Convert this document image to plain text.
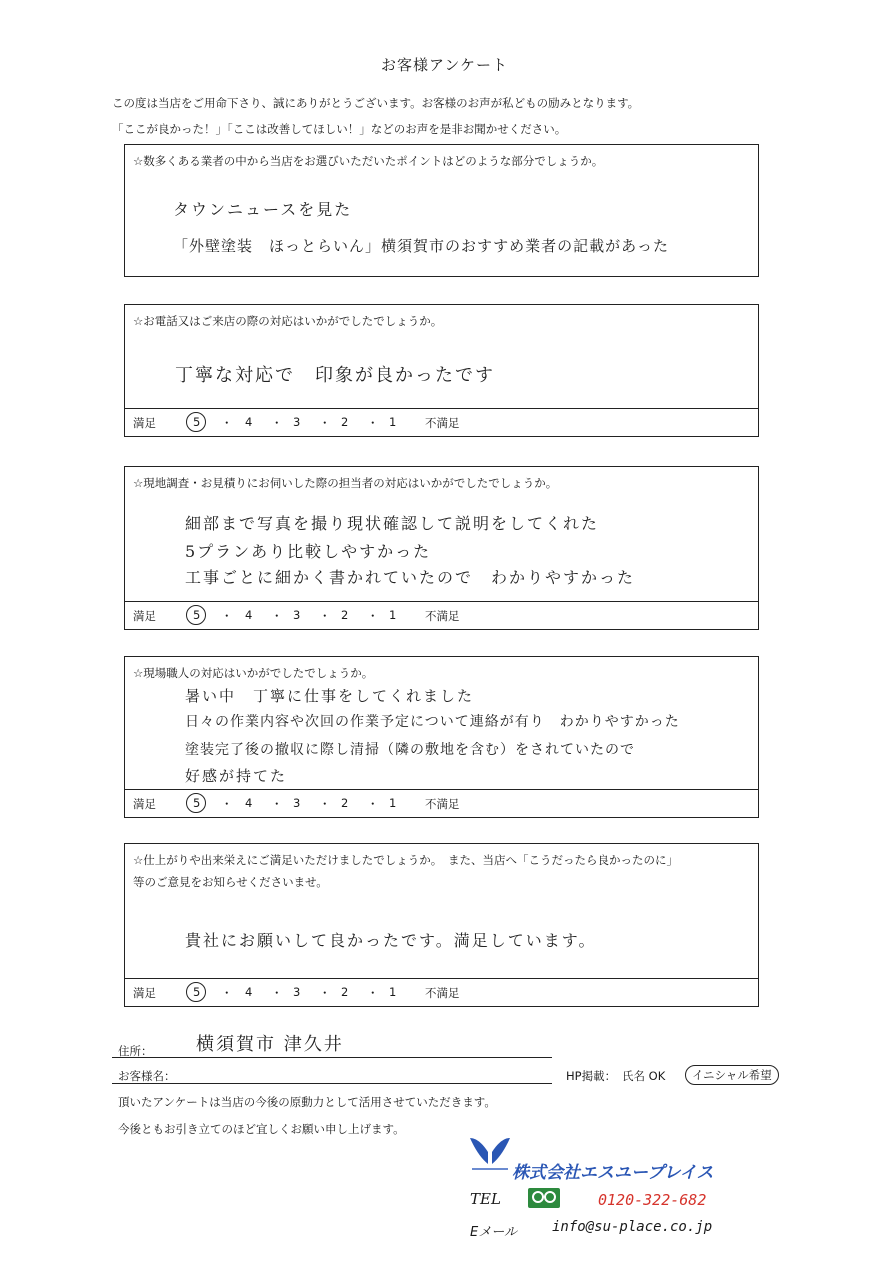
お客様アンケート
この度は当店をご用命下さり、誠にありがとうございます。お客様のお声が私どもの励みとなります。
「ここが良かった！」「ここは改善してほしい！」などのお声を是非お聞かせください。
☆数多くある業者の中から当店をお選びいただいたポイントはどのような部分でしょうか。
タウンニュースを見た
「外壁塗装　ほっとらいん」横須賀市のおすすめ業者の記載があった
☆お電話又はご来店の際の対応はいかがでしたでしょうか。
丁寧な対応で　印象が良かったです
満足	5 ・ 4 ・ 3 ・ 2 ・ 1 不満足
☆現地調査・お見積りにお伺いした際の担当者の対応はいかがでしたでしょうか。
細部まで写真を撮り現状確認して説明をしてくれた
5プランあり比較しやすかった
工事ごとに細かく書かれていたので　わかりやすかった
満足	5 ・ 4 ・ 3 ・ 2 ・ 1 不満足
☆現場職人の対応はいかがでしたでしょうか。
暑い中　丁寧に仕事をしてくれました
日々の作業内容や次回の作業予定について連絡が有り　わかりやすかった
塗装完了後の撤収に際し清掃（隣の敷地を含む）をされていたので
好感が持てた
満足	5 ・ 4 ・ 3 ・ 2 ・ 1 不満足
☆仕上がりや出来栄えにご満足いただけましたでしょうか。　また、当店へ「こうだったら良かったのに」
等のご意見をお知らせくださいませ。
貴社にお願いして良かったです。満足しています。
満足	5 ・ 4 ・ 3 ・ 2 ・ 1 不満足
住所： 横須賀市 津久井
お客様名：	HP掲載： 氏名 OK	イニシャル希望
頂いたアンケートは当店の今後の原動力として活用させていただきます。
今後ともお引き立てのほど宜しくお願い申し上げます。
株式会社エスユープレイス
TEL	0120-322-682
Eメール	info@su-place.co.jp
